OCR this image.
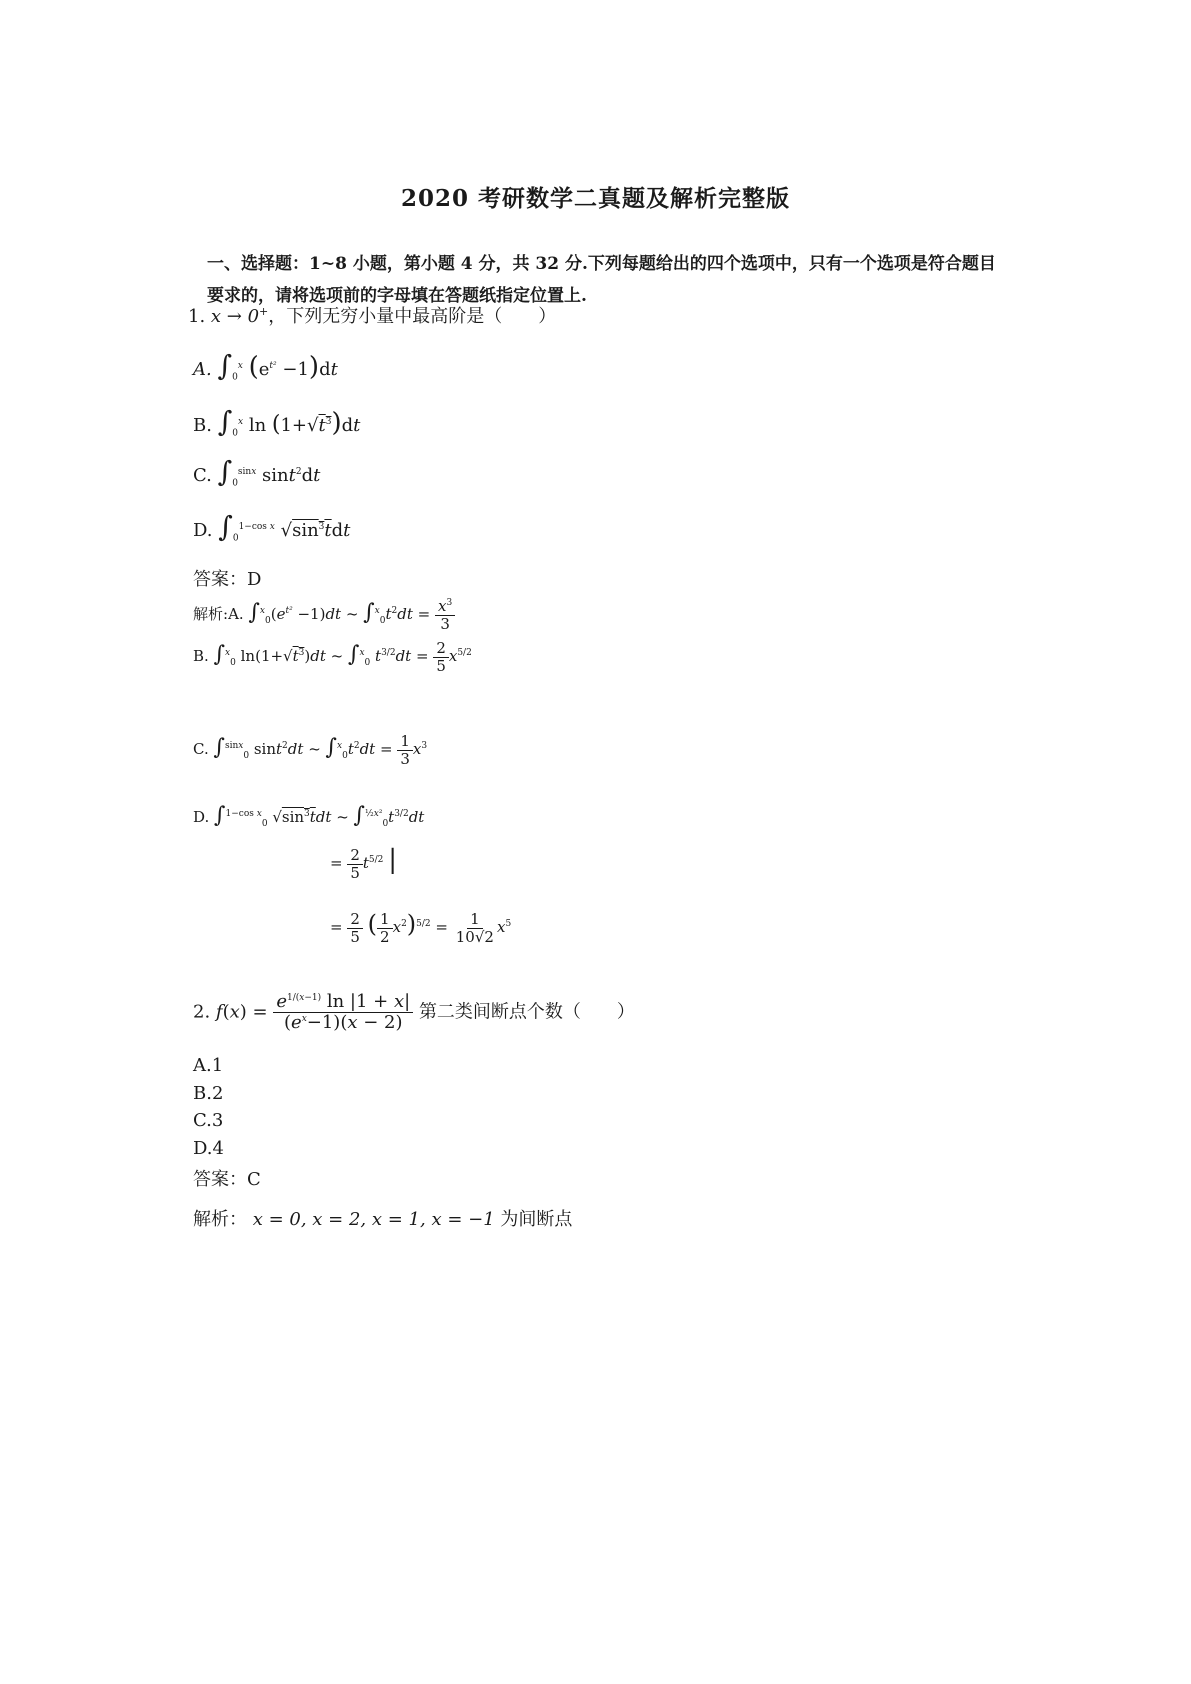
2020 考研数学二真题及解析完整版
一、选择题：1~8 小题，第小题 4 分，共 32 分.下列每题给出的四个选项中，只有一个选项是符合题目要求的，请将选项前的字母填在答题纸指定位置上.
1. x → 0+，下列无穷小量中最高阶是（　　）
A. $\int_0^x$ $(e^{t^2} -1)dt$
B. $\int_0^x$ $\ln (1+√t^3)dt$
C. $\int_0^{sinx}$ sint$^2$dt
D. $\int_0^{1-cos x}$ $√\sin^3tdt$
答案：D
解析:A. $\int^x_0(e^{t^2} -1)dt$ ~ $\int^x_0t^2dt = \frac{x^3}{3}$
B. ∫$^x_0$ $\ln(1+√t^3)dt$ ~ ∫$^x_0$ $t^{3/2}dt = \frac{2}{5} x^{5/2}$
C. ∫$^{sinx}_0$ sint$^2$dt ~ $\int^x_0t^2dt = \frac{1}{3} x^3$
D. ∫$^{1-cos x}_0$ $√\sin^3tdt$ ~ $\int^{\frac{1}{2}x^2}_0t^{3/2}dt$
= $\frac{2}{5} t^{5/2}$ |
= $\frac{2}{5}$ ( $\frac{1}{2} x^2)^{5/2} = \frac{1}{10√2} x^5$
2. $f(x) = \frac{e^{1/(x-1)} \ln |1 + x|}{(e^x-1)(x - 2)}$ 第二类间断点个数（　　）
A.1
B.2
C.3
D.4
答案：C
解析： x = 0, x = 2, x = 1, x = −1 为间断点
